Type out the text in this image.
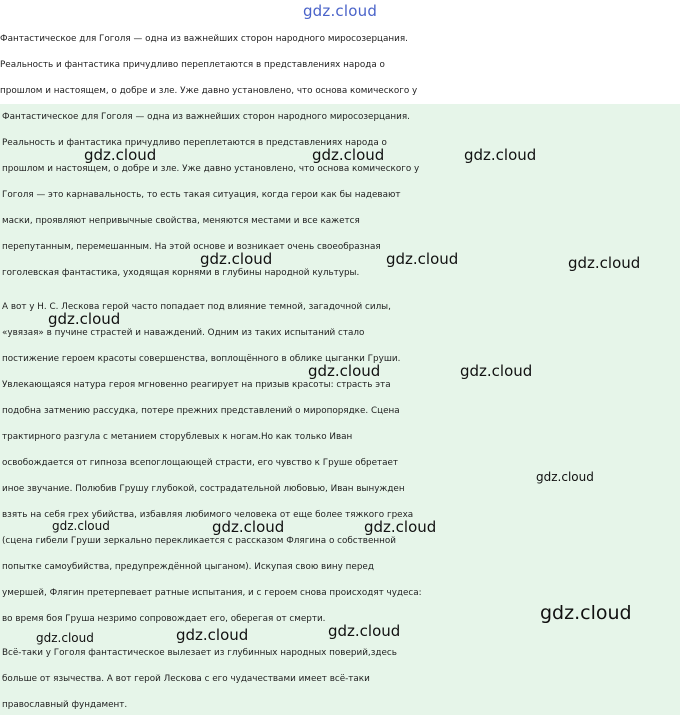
gdz.cloud
Фантастическое для Гоголя — одна из важнейших сторон народного миросозерцания.
Реальность и фантастика причудливо переплетаются в представлениях народа о
прошлом и настоящем, о добре и зле. Уже давно установлено, что основа комического у

Фантастическое для Гоголя — одна из важнейших сторон народного миросозерцания.
Реальность и фантастика причудливо переплетаются в представлениях народа о
прошлом и настоящем, о добре и зле. Уже давно установлено, что основа комического у
Гоголя — это карнавальность, то есть такая ситуация, когда герои как бы надевают
маски, проявляют непривычные свойства, меняются местами и все кажется
перепутанным, перемешанным. На этой основе и возникает очень своеобразная
гоголевская фантастика, уходящая корнями в глубины народной культуры.

А вот у Н. С. Лескова герой часто попадает под влияние темной, загадочной силы,
«увязая» в пучине страстей и наваждений. Одним из таких испытаний стало
постижение героем красоты совершенства, воплощённого в облике цыганки Груши.
Увлекающаяся натура героя мгновенно реагирует на призыв красоты: страсть эта
подобна затмению рассудка, потере прежних представлений о миропорядке. Сцена
трактирного разгула с метанием сторублевых к ногам.Но как только Иван
освобождается от гипноза всепоглощающей страсти, его чувство к Груше обретает
иное звучание. Полюбив Грушу глубокой, сострадательной любовью, Иван вынужден
взять на себя грех убийства, избавляя любимого человека от еще более тяжкого греха
(сцена гибели Груши зеркально перекликается с рассказом Флягина о собственной
попытке самоубийства, предупреждённой цыганом). Искупая свою вину перед
умершей, Флягин претерпевает ратные испытания, и с героем снова происходят чудеса:
во время боя Груша незримо сопровождает его, оберегая от смерти.

Всё-таки у Гоголя фантастическое вылезает из глубинных народных поверий,здесь
больше от язычества. А вот герой Лескова с его чудачествами имеет всё-таки
православный фундамент.

gdz.cloud	gdz.cloud	gdz.cloud
gdz.cloud	gdz.cloud	gdz.cloud
gdz.cloud
gdz.cloud	gdz.cloud
gdz.cloud
gdz.cloud	gdz.cloud	gdz.cloud
gdz.cloud
gdz.cloud	gdz.cloud	gdz.cloud
